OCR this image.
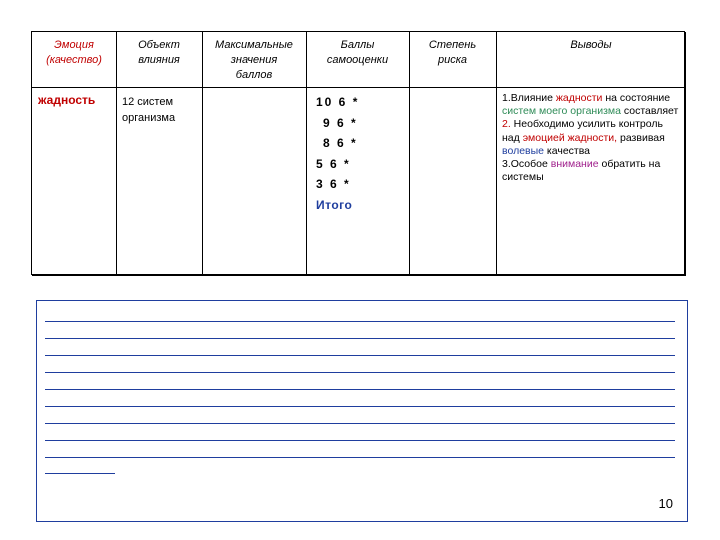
Эмоция
(качество)
Объект
влияния
Максимальные
значения
баллов
Баллы
самооценки
Степень
риска
Выводы
жадность 12 систем
организма
10 6 *
9 6 *
8 6 *
5 6 *
3 6 *
Итого
1.Влияние жадности на состояние систем моего организма составляет
2. Необходимо усилить контроль над эмоцией жадности, развивая волевые качества
3.Особое внимание обратить на системы
10
